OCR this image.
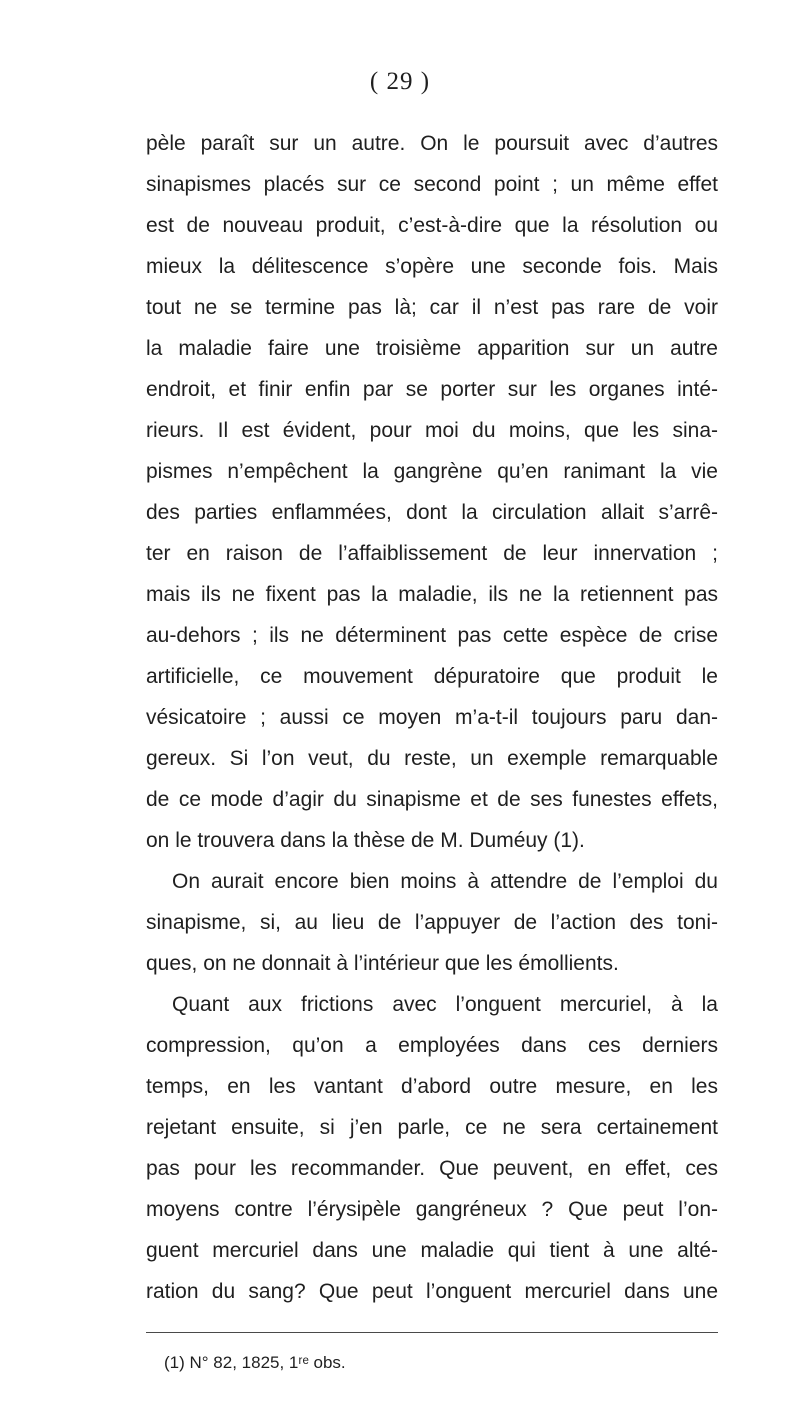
( 29 )
pèle paraît sur un autre. On le poursuit avec d’autres
sinapismes placés sur ce second point ; un même effet
est de nouveau produit, c’est-à-dire que la résolution ou
mieux la délitescence s’opère une seconde fois. Mais
tout ne se termine pas là; car il n’est pas rare de voir
la maladie faire une troisième apparition sur un autre
endroit, et finir enfin par se porter sur les organes inté-
rieurs. Il est évident, pour moi du moins, que les sina-
pismes n’empêchent la gangrène qu’en ranimant la vie
des parties enflammées, dont la circulation allait s’arrê-
ter en raison de l’affaiblissement de leur innervation ;
mais ils ne fixent pas la maladie, ils ne la retiennent pas
au-dehors ; ils ne déterminent pas cette espèce de crise
artificielle, ce mouvement dépuratoire que produit le
vésicatoire ; aussi ce moyen m’a-t-il toujours paru dan-
gereux. Si l’on veut, du reste, un exemple remarquable
de ce mode d’agir du sinapisme et de ses funestes effets,
on le trouvera dans la thèse de M. Duméuy (1).
On aurait encore bien moins à attendre de l’emploi du
sinapisme, si, au lieu de l’appuyer de l’action des toni-
ques, on ne donnait à l’intérieur que les émollients.
Quant aux frictions avec l’onguent mercuriel, à la
compression, qu’on a employées dans ces derniers
temps, en les vantant d’abord outre mesure, en les
rejetant ensuite, si j’en parle, ce ne sera certainement
pas pour les recommander. Que peuvent, en effet, ces
moyens contre l’érysipèle gangréneux ? Que peut l’on-
guent mercuriel dans une maladie qui tient à une alté-
ration du sang? Que peut l’onguent mercuriel dans une
(1) N° 82, 1825, 1ʳᵉ obs.
